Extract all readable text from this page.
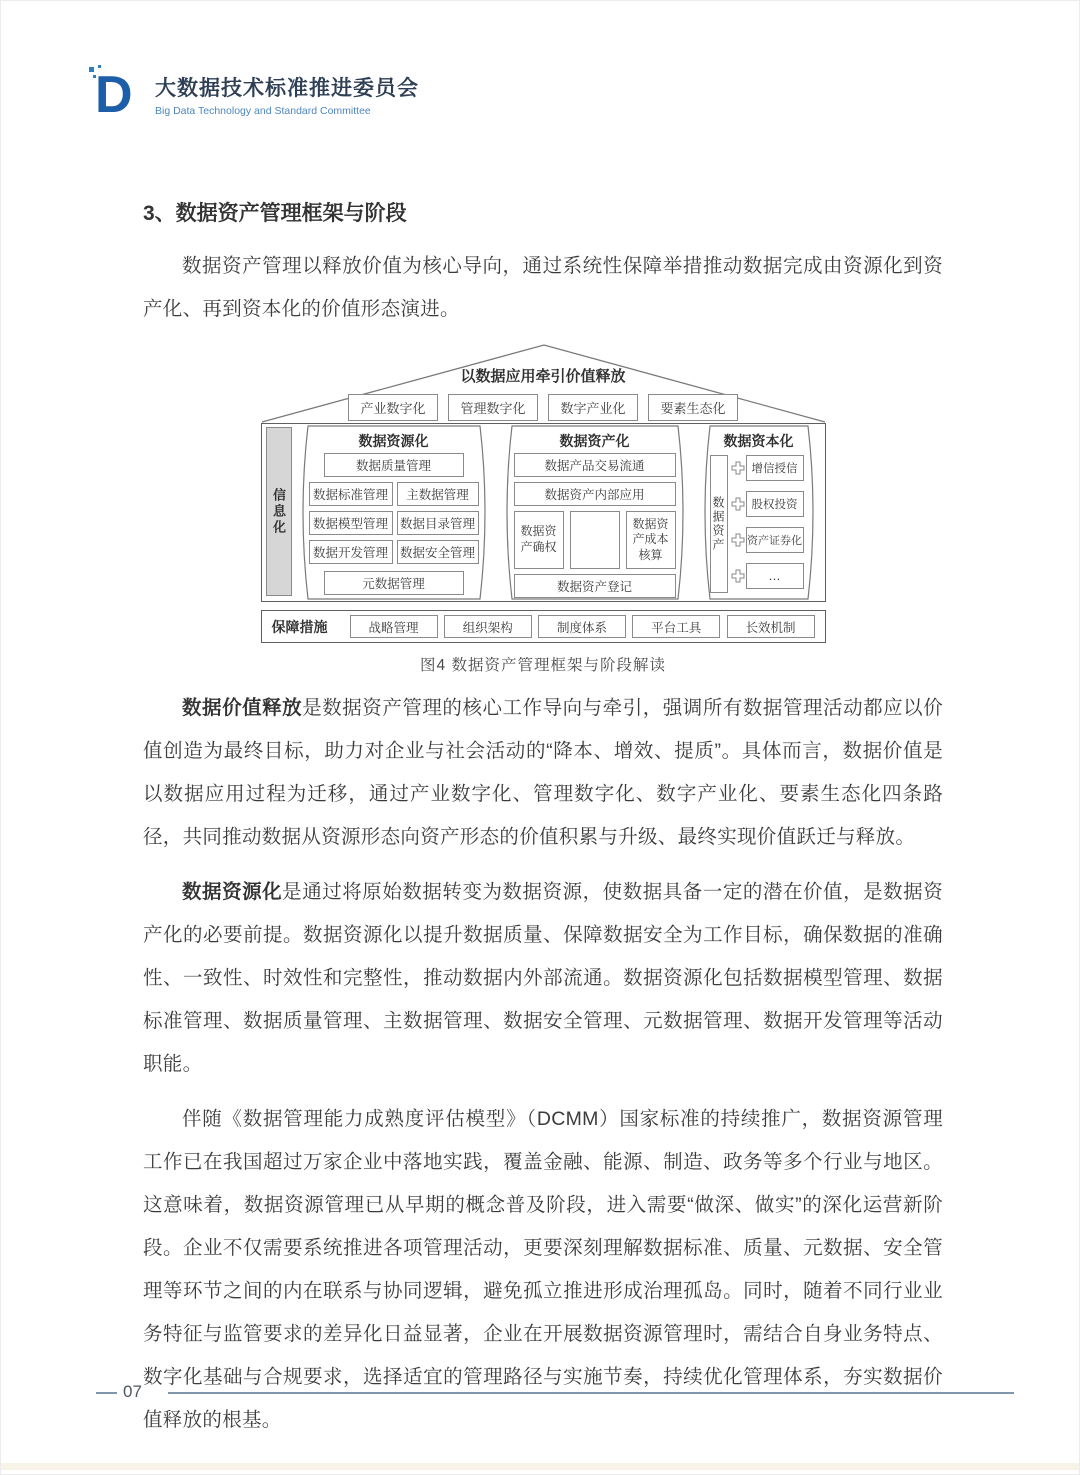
D 大数据技术标准推进委员会
Big Data Technology and Standard Committee
3、数据资产管理框架与阶段

数据资产管理以释放价值为核心导向，通过系统性保障举措推动数据完成由资源化到资产化、再到资本化的价值形态演进。

以数据应用牵引价值释放
产业数字化	管理数字化	数字产业化	要素生态化
信息化
数据资源化
数据质量管理
数据标准管理	主数据管理
数据模型管理 数据目录管理
数据开发管理 数据安全管理
元数据管理
数据资产化
数据产品交易流通
数据资产内部应用
数据资产确权
数据资产成本核算
数据资产登记
数据资本化
数据资产
增信授信
股权投资
资产证券化
…
保障措施	战略管理	组织架构	制度体系	平台工具	长效机制
图4 数据资产管理框架与阶段解读

数据价值释放是数据资产管理的核心工作导向与牵引，强调所有数据管理活动都应以价值创造为最终目标，助力对企业与社会活动的“降本、增效、提质”。具体而言，数据价值是以数据应用过程为迁移，通过产业数字化、管理数字化、数字产业化、要素生态化四条路径，共同推动数据从资源形态向资产形态的价值积累与升级、最终实现价值跃迁与释放。

数据资源化是通过将原始数据转变为数据资源，使数据具备一定的潜在价值，是数据资产化的必要前提。数据资源化以提升数据质量、保障数据安全为工作目标，确保数据的准确性、一致性、时效性和完整性，推动数据内外部流通。数据资源化包括数据模型管理、数据标准管理、数据质量管理、主数据管理、数据安全管理、元数据管理、数据开发管理等活动职能。

伴随《数据管理能力成熟度评估模型》（DCMM）国家标准的持续推广，数据资源管理工作已在我国超过万家企业中落地实践，覆盖金融、能源、制造、政务等多个行业与地区。这意味着，数据资源管理已从早期的概念普及阶段，进入需要“做深、做实”的深化运营新阶段。企业不仅需要系统推进各项管理活动，更要深刻理解数据标准、质量、元数据、安全管理等环节之间的内在联系与协同逻辑，避免孤立推进形成治理孤岛。同时，随着不同行业业务特征与监管要求的差异化日益显著，企业在开展数据资源管理时，需结合自身业务特点、数字化基础与合规要求，选择适宜的管理路径与实施节奏，持续优化管理体系，夯实数据价值释放的根基。

07
